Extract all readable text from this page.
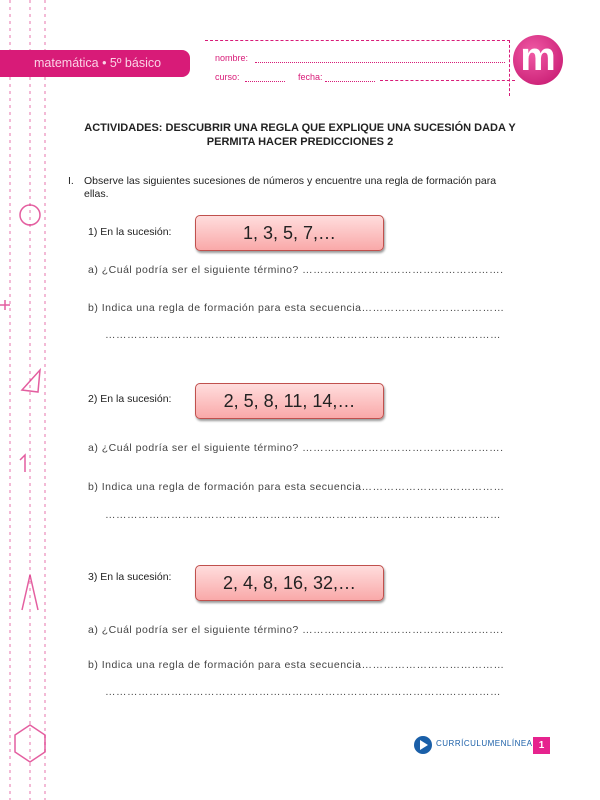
matemática • 5º básico	nombre:
curso:	fecha:	m
ACTIVIDADES: DESCUBRIR UNA REGLA QUE EXPLIQUE UNA SUCESIÓN DADA Y
PERMITA HACER PREDICCIONES 2
I. Observe las siguientes sucesiones de números y encuentre una regla de formación para
ellas.
1) En la sucesión:	1, 3, 5, 7,…
a) ¿Cuál podría ser el siguiente término? ……………………………………………….
b) Indica una regla de formación para esta secuencia…………………………………
………………………………………………………………………………………………
2) En la sucesión:	2, 5, 8, 11, 14,…
a) ¿Cuál podría ser el siguiente término? ……………………………………………….
b) Indica una regla de formación para esta secuencia…………………………………
………………………………………………………………………………………………
3) En la sucesión:	2, 4, 8, 16, 32,…
a) ¿Cuál podría ser el siguiente término? ……………………………………………….
b) Indica una regla de formación para esta secuencia…………………………………
………………………………………………………………………………………………
CURRÍCULUMENLÍNEA 1
